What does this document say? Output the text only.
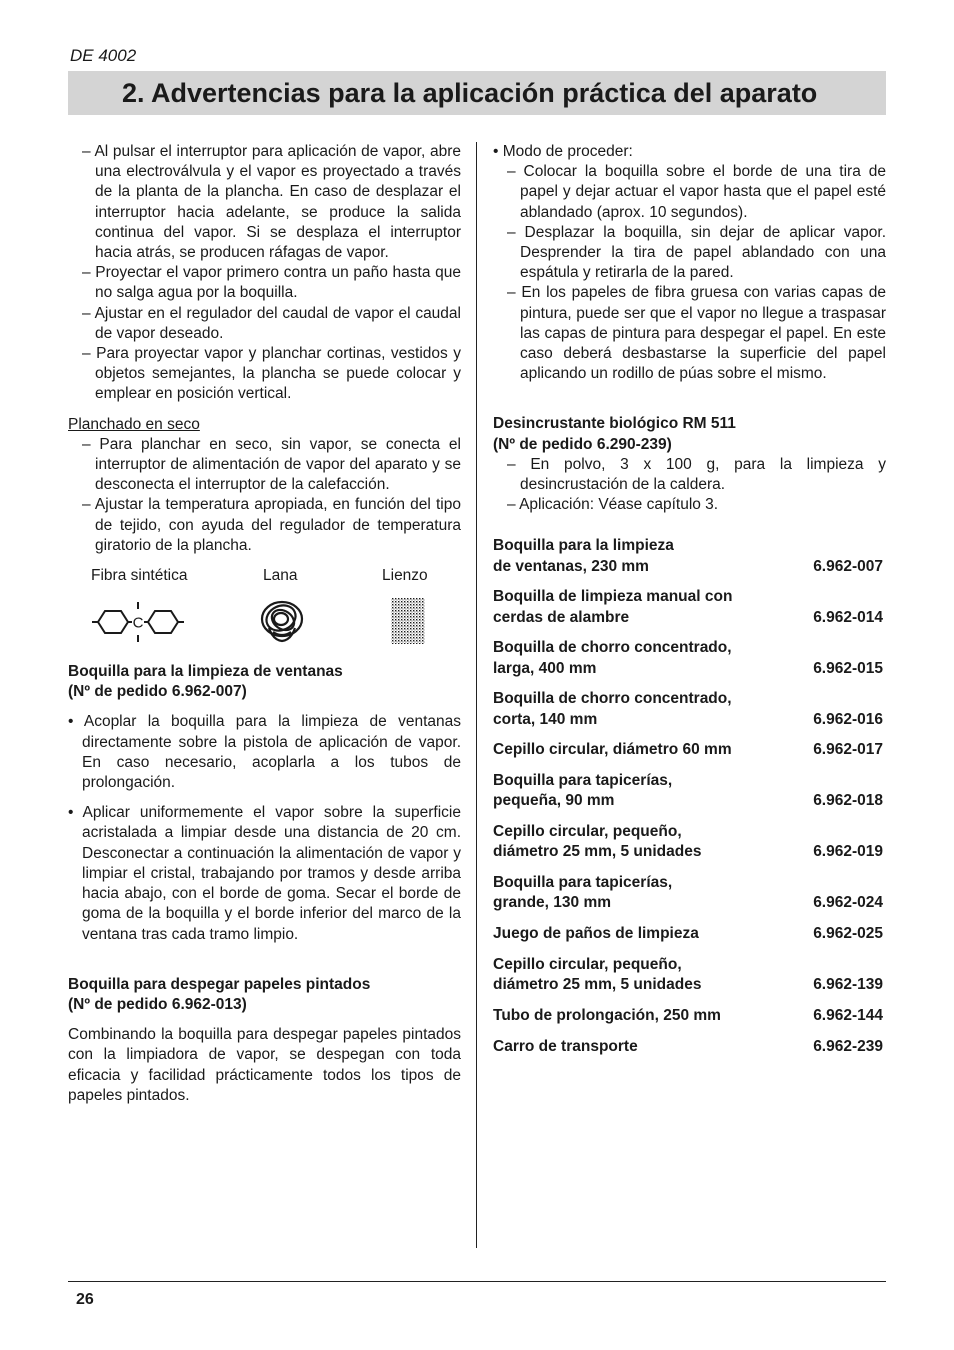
DE 4002
2. Advertencias para la aplicación práctica del aparato

– Al pulsar el interruptor para aplicación de vapor, abre una electroválvula y el vapor es proyectado a través de la planta de la plancha. En caso de desplazar el interruptor hacia adelante, se produce la salida continua del vapor. Si se desplaza el interruptor hacia atrás, se producen ráfagas de vapor.

– Proyectar el vapor primero contra un paño hasta que no salga agua por la boquilla.

– Ajustar en el regulador del caudal de vapor el caudal de vapor deseado.

– Para proyectar vapor y planchar cortinas, vestidos y objetos semejantes, la plancha se puede colocar y emplear en posición vertical.

Planchado en seco

– Para planchar en seco, sin vapor, se conecta el interruptor de alimentación de vapor del aparato y se desconecta el interruptor de la calefacción.

– Ajustar la temperatura apropiada, en función del tipo de tejido, con ayuda del regulador de temperatura giratorio de la plancha.

Fibra sintética	Lana	Lienzo
C

Boquilla para la limpieza de ventanas
(Nº de pedido 6.962-007)

• Acoplar la boquilla para la limpieza de ventanas directamente sobre la pistola de aplicación de vapor. En caso necesario, acoplarla a los tubos de prolongación.

• Aplicar uniformemente el vapor sobre la superficie acristalada a limpiar desde una distancia de 20 cm. Desconectar a continuación la alimentación de vapor y limpiar el cristal, trabajando por tramos y desde arriba hacia abajo, con el borde de goma. Secar el borde de goma de la boquilla y el borde inferior del marco de la ventana tras cada tramo limpio.

Boquilla para despegar papeles pintados
(Nº de pedido 6.962-013)

Combinando la boquilla para despegar papeles pintados con la limpiadora de vapor, se despegan con toda eficacia y facilidad prácticamente todos los tipos de papeles pintados.

• Modo de proceder:

– Colocar la boquilla sobre el borde de una tira de papel y dejar actuar el vapor hasta que el papel esté ablandado (aprox. 10 segundos).

– Desplazar la boquilla, sin dejar de aplicar vapor. Desprender la tira de papel ablandado con una espátula y retirarla de la pared.

– En los papeles de fibra gruesa con varias capas de pintura, puede ser que el vapor no llegue a traspasar las capas de pintura para despegar el papel. En este caso deberá desbastarse la superficie del papel aplicando un rodillo de púas sobre el mismo.

Desincrustante biológico RM 511
(Nº de pedido 6.290-239)

– En polvo, 3 x 100 g, para la limpieza y desincrustación de la caldera.

– Aplicación: Véase capítulo 3.

Boquilla para la limpieza
de ventanas, 230 mm	6.962-007
Boquilla de limpieza manual con
cerdas de alambre	6.962-014
Boquilla de chorro concentrado,
larga, 400 mm	6.962-015
Boquilla de chorro concentrado,
corta, 140 mm	6.962-016
Cepillo circular, diámetro 60 mm	6.962-017
Boquilla para tapicerías,
pequeña, 90 mm	6.962-018
Cepillo circular, pequeño,
diámetro 25 mm, 5 unidades	6.962-019
Boquilla para tapicerías,
grande, 130 mm	6.962-024
Juego de paños de limpieza	6.962-025
Cepillo circular, pequeño,
diámetro 25 mm, 5 unidades	6.962-139
Tubo de prolongación, 250 mm	6.962-144
Carro de transporte	6.962-239
26
